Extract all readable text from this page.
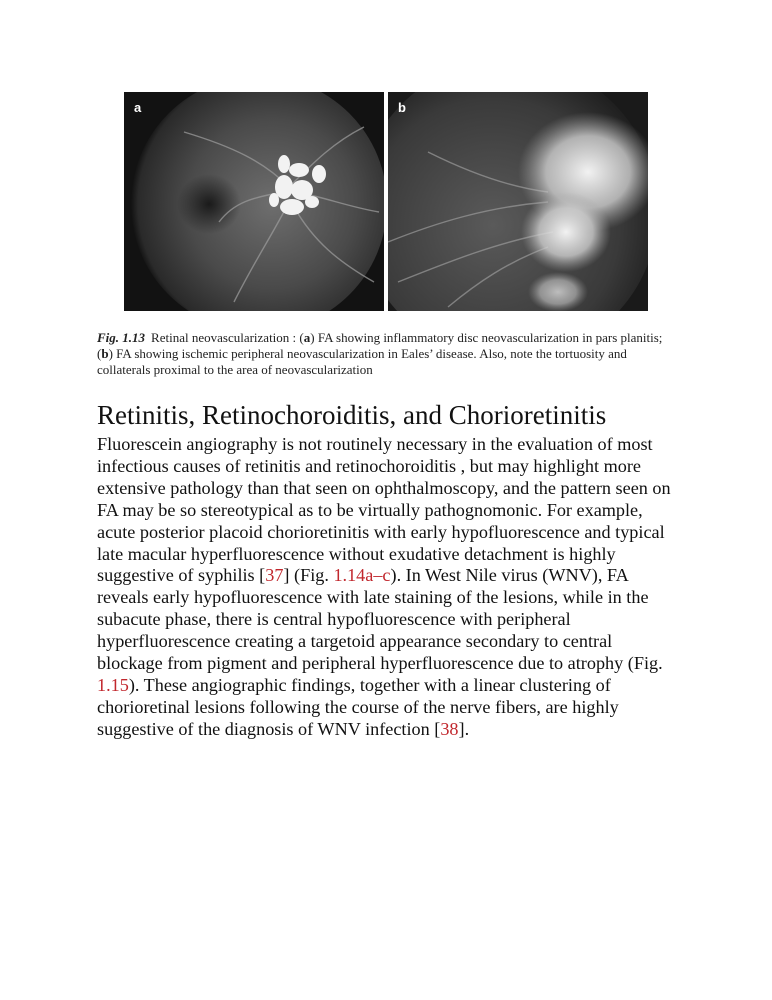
a	b
Fig. 1.13 Retinal neovascularization : (a) FA showing inflammatory disc neovascularization in pars planitis; (b) FA showing ischemic peripheral neovascularization in Eales’ disease. Also, note the tortuosity and collaterals proximal to the area of neovascularization
Retinitis, Retinochoroiditis, and Chorioretinitis

Fluorescein angiography is not routinely necessary in the evaluation of most infectious causes of retinitis and retinochoroiditis , but may highlight more extensive pathology than that seen on ophthalmoscopy, and the pattern seen on FA may be so stereotypical as to be virtually pathognomonic. For example, acute posterior placoid chorioretinitis with early hypofluorescence and typical late macular hyperfluorescence without exudative detachment is highly suggestive of syphilis [37] (Fig. 1.14a–c). In West Nile virus (WNV), FA reveals early hypofluorescence with late staining of the lesions, while in the subacute phase, there is central hypofluorescence with peripheral hyperfluorescence creating a targetoid appearance secondary to central blockage from pigment and peripheral hyperfluorescence due to atrophy (Fig. 1.15). These angiographic findings, together with a linear clustering of chorioretinal lesions following the course of the nerve fibers, are highly suggestive of the diagnosis of WNV infection [38].
